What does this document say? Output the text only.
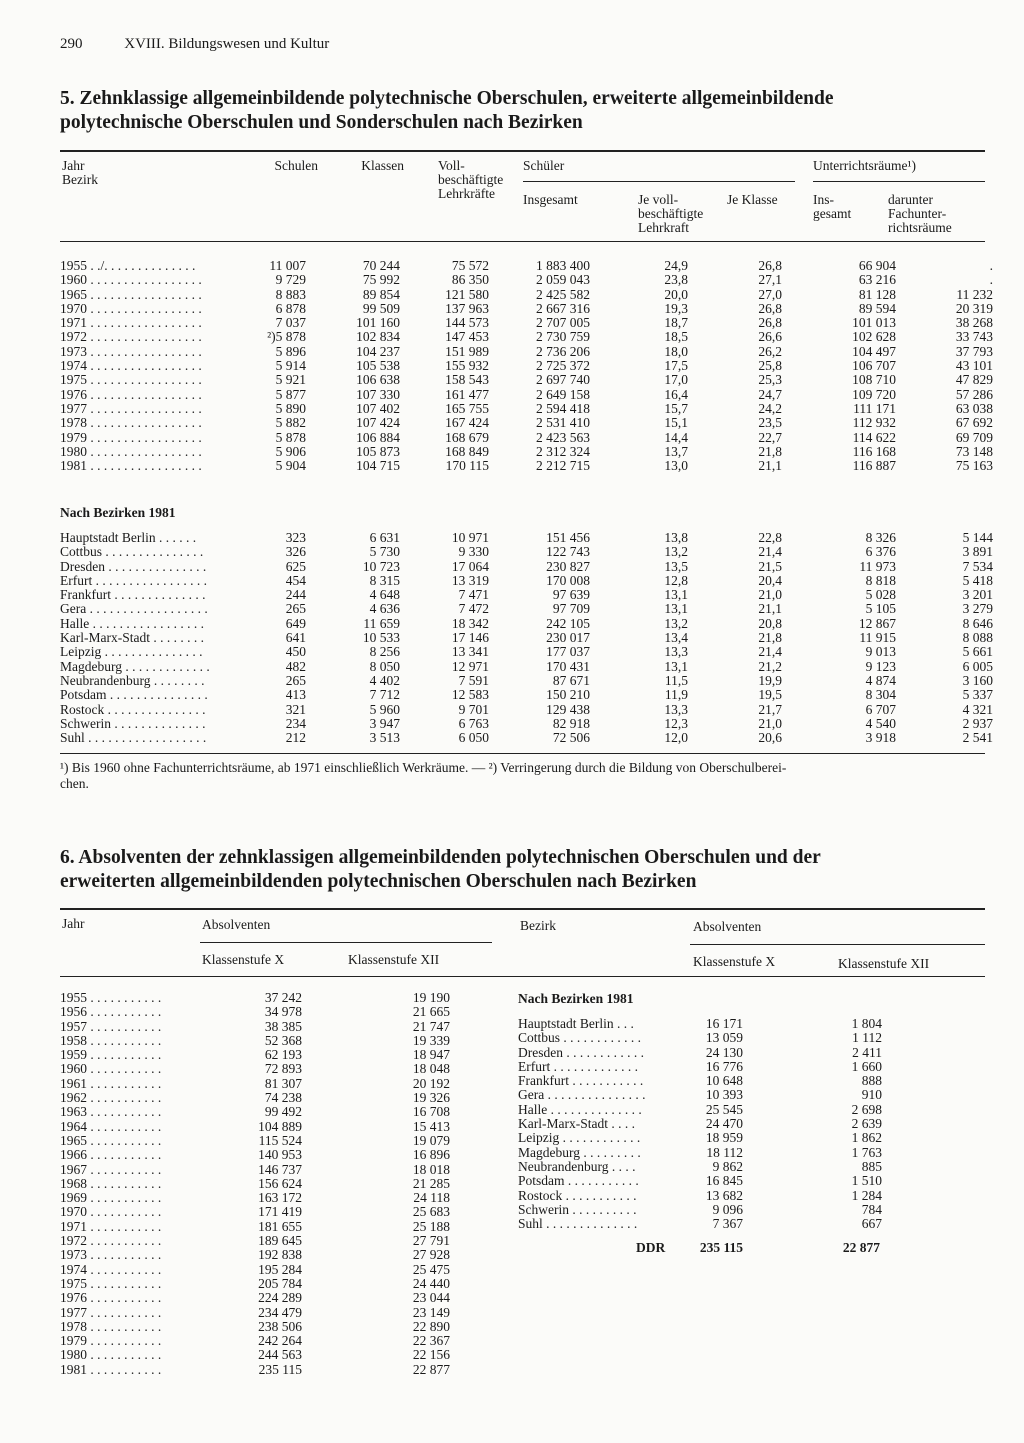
290	XVIII. Bildungswesen und Kultur
5. Zehnklassige allgemeinbildende polytechnische Oberschulen, erweiterte allgemeinbildende
polytechnische Oberschulen und Sonderschulen nach Bezirken
Jahr
Bezirk
Schulen	Klassen	Voll-
beschäftigte
Lehrkräfte
Schüler
Insgesamt	Je voll-
beschäftigte
Lehrkraft
Je Klasse
Unterrichtsräume¹)
Ins-
gesamt
darunter
Fachunter-
richtsräume
1955 . ./. . . . . . . . . . . . . .	11 007	70 244	75 572	1 883 400	24,9	26,8	66 904	.
1960 . . . . . . . . . . . . . . . . .	9 729	75 992	86 350	2 059 043	23,8	27,1	63 216	.
1965 . . . . . . . . . . . . . . . . .	8 883	89 854	121 580	2 425 582	20,0	27,0	81 128	11 232
1970 . . . . . . . . . . . . . . . . .	6 878	99 509	137 963	2 667 316	19,3	26,8	89 594	20 319
1971 . . . . . . . . . . . . . . . . .	7 037	101 160	144 573	2 707 005	18,7	26,8	101 013	38 268
1972 . . . . . . . . . . . . . . . . .	²)5 878	102 834	147 453	2 730 759	18,5	26,6	102 628	33 743
1973 . . . . . . . . . . . . . . . . .	5 896	104 237	151 989	2 736 206	18,0	26,2	104 497	37 793
1974 . . . . . . . . . . . . . . . . .	5 914	105 538	155 932	2 725 372	17,5	25,8	106 707	43 101
1975 . . . . . . . . . . . . . . . . .	5 921	106 638	158 543	2 697 740	17,0	25,3	108 710	47 829
1976 . . . . . . . . . . . . . . . . .	5 877	107 330	161 477	2 649 158	16,4	24,7	109 720	57 286
1977 . . . . . . . . . . . . . . . . .	5 890	107 402	165 755	2 594 418	15,7	24,2	111 171	63 038
1978 . . . . . . . . . . . . . . . . .	5 882	107 424	167 424	2 531 410	15,1	23,5	112 932	67 692
1979 . . . . . . . . . . . . . . . . .	5 878	106 884	168 679	2 423 563	14,4	22,7	114 622	69 709
1980 . . . . . . . . . . . . . . . . .	5 906	105 873	168 849	2 312 324	13,7	21,8	116 168	73 148
1981 . . . . . . . . . . . . . . . . .	5 904	104 715	170 115	2 212 715	13,0	21,1	116 887	75 163
Nach Bezirken 1981
Hauptstadt Berlin . . . . . .	323	6 631	10 971	151 456	13,8	22,8	8 326	5 144
Cottbus . . . . . . . . . . . . . . .	326	5 730	9 330	122 743	13,2	21,4	6 376	3 891
Dresden . . . . . . . . . . . . . . .	625	10 723	17 064	230 827	13,5	21,5	11 973	7 534
Erfurt . . . . . . . . . . . . . . . . .	454	8 315	13 319	170 008	12,8	20,4	8 818	5 418
Frankfurt . . . . . . . . . . . . . .	244	4 648	7 471	97 639	13,1	21,0	5 028	3 201
Gera . . . . . . . . . . . . . . . . . .	265	4 636	7 472	97 709	13,1	21,1	5 105	3 279
Halle . . . . . . . . . . . . . . . . .	649	11 659	18 342	242 105	13,2	20,8	12 867	8 646
Karl-Marx-Stadt . . . . . . . .	641	10 533	17 146	230 017	13,4	21,8	11 915	8 088
Leipzig . . . . . . . . . . . . . . .	450	8 256	13 341	177 037	13,3	21,4	9 013	5 661
Magdeburg . . . . . . . . . . . . .	482	8 050	12 971	170 431	13,1	21,2	9 123	6 005
Neubrandenburg . . . . . . . .	265	4 402	7 591	87 671	11,5	19,9	4 874	3 160
Potsdam . . . . . . . . . . . . . . .	413	7 712	12 583	150 210	11,9	19,5	8 304	5 337
Rostock . . . . . . . . . . . . . . .	321	5 960	9 701	129 438	13,3	21,7	6 707	4 321
Schwerin . . . . . . . . . . . . . .	234	3 947	6 763	82 918	12,3	21,0	4 540	2 937
Suhl . . . . . . . . . . . . . . . . . .	212	3 513	6 050	72 506	12,0	20,6	3 918	2 541
¹) Bis 1960 ohne Fachunterrichtsräume, ab 1971 einschließlich Werkräume. — ²) Verringerung durch die Bildung von Oberschulberei-
chen.
6. Absolventen der zehnklassigen allgemeinbildenden polytechnischen Oberschulen und der
erweiterten allgemeinbildenden polytechnischen Oberschulen nach Bezirken
Jahr	Absolventen
Klassenstufe X	Klassenstufe XII
Bezirk	Absolventen
Klassenstufe X	Klassenstufe XII
1955 . . . . . . . . . . .	37 242	19 190
1956 . . . . . . . . . . .	34 978	21 665
1957 . . . . . . . . . . .	38 385	21 747
1958 . . . . . . . . . . .	52 368	19 339
1959 . . . . . . . . . . .	62 193	18 947
1960 . . . . . . . . . . .	72 893	18 048
1961 . . . . . . . . . . .	81 307	20 192
1962 . . . . . . . . . . .	74 238	19 326
1963 . . . . . . . . . . .	99 492	16 708
1964 . . . . . . . . . . .	104 889	15 413
1965 . . . . . . . . . . .	115 524	19 079
1966 . . . . . . . . . . .	140 953	16 896
1967 . . . . . . . . . . .	146 737	18 018
1968 . . . . . . . . . . .	156 624	21 285
1969 . . . . . . . . . . .	163 172	24 118
1970 . . . . . . . . . . .	171 419	25 683
1971 . . . . . . . . . . .	181 655	25 188
1972 . . . . . . . . . . .	189 645	27 791
1973 . . . . . . . . . . .	192 838	27 928
1974 . . . . . . . . . . .	195 284	25 475
1975 . . . . . . . . . . .	205 784	24 440
1976 . . . . . . . . . . .	224 289	23 044
1977 . . . . . . . . . . .	234 479	23 149
1978 . . . . . . . . . . .	238 506	22 890
1979 . . . . . . . . . . .	242 264	22 367
1980 . . . . . . . . . . .	244 563	22 156
1981 . . . . . . . . . . .	235 115	22 877
Nach Bezirken 1981
Hauptstadt Berlin . . .	16 171	1 804
Cottbus . . . . . . . . . . . .	13 059	1 112
Dresden . . . . . . . . . . . .	24 130	2 411
Erfurt . . . . . . . . . . . . .	16 776	1 660
Frankfurt . . . . . . . . . . .	10 648	888
Gera . . . . . . . . . . . . . . .	10 393	910
Halle . . . . . . . . . . . . . .	25 545	2 698
Karl-Marx-Stadt . . . .	24 470	2 639
Leipzig . . . . . . . . . . . .	18 959	1 862
Magdeburg . . . . . . . . .	18 112	1 763
Neubrandenburg . . . .	9 862	885
Potsdam . . . . . . . . . . .	16 845	1 510
Rostock . . . . . . . . . . .	13 682	1 284
Schwerin . . . . . . . . . .	9 096	784
Suhl . . . . . . . . . . . . . .	7 367	667
DDR	235 115	22 877
